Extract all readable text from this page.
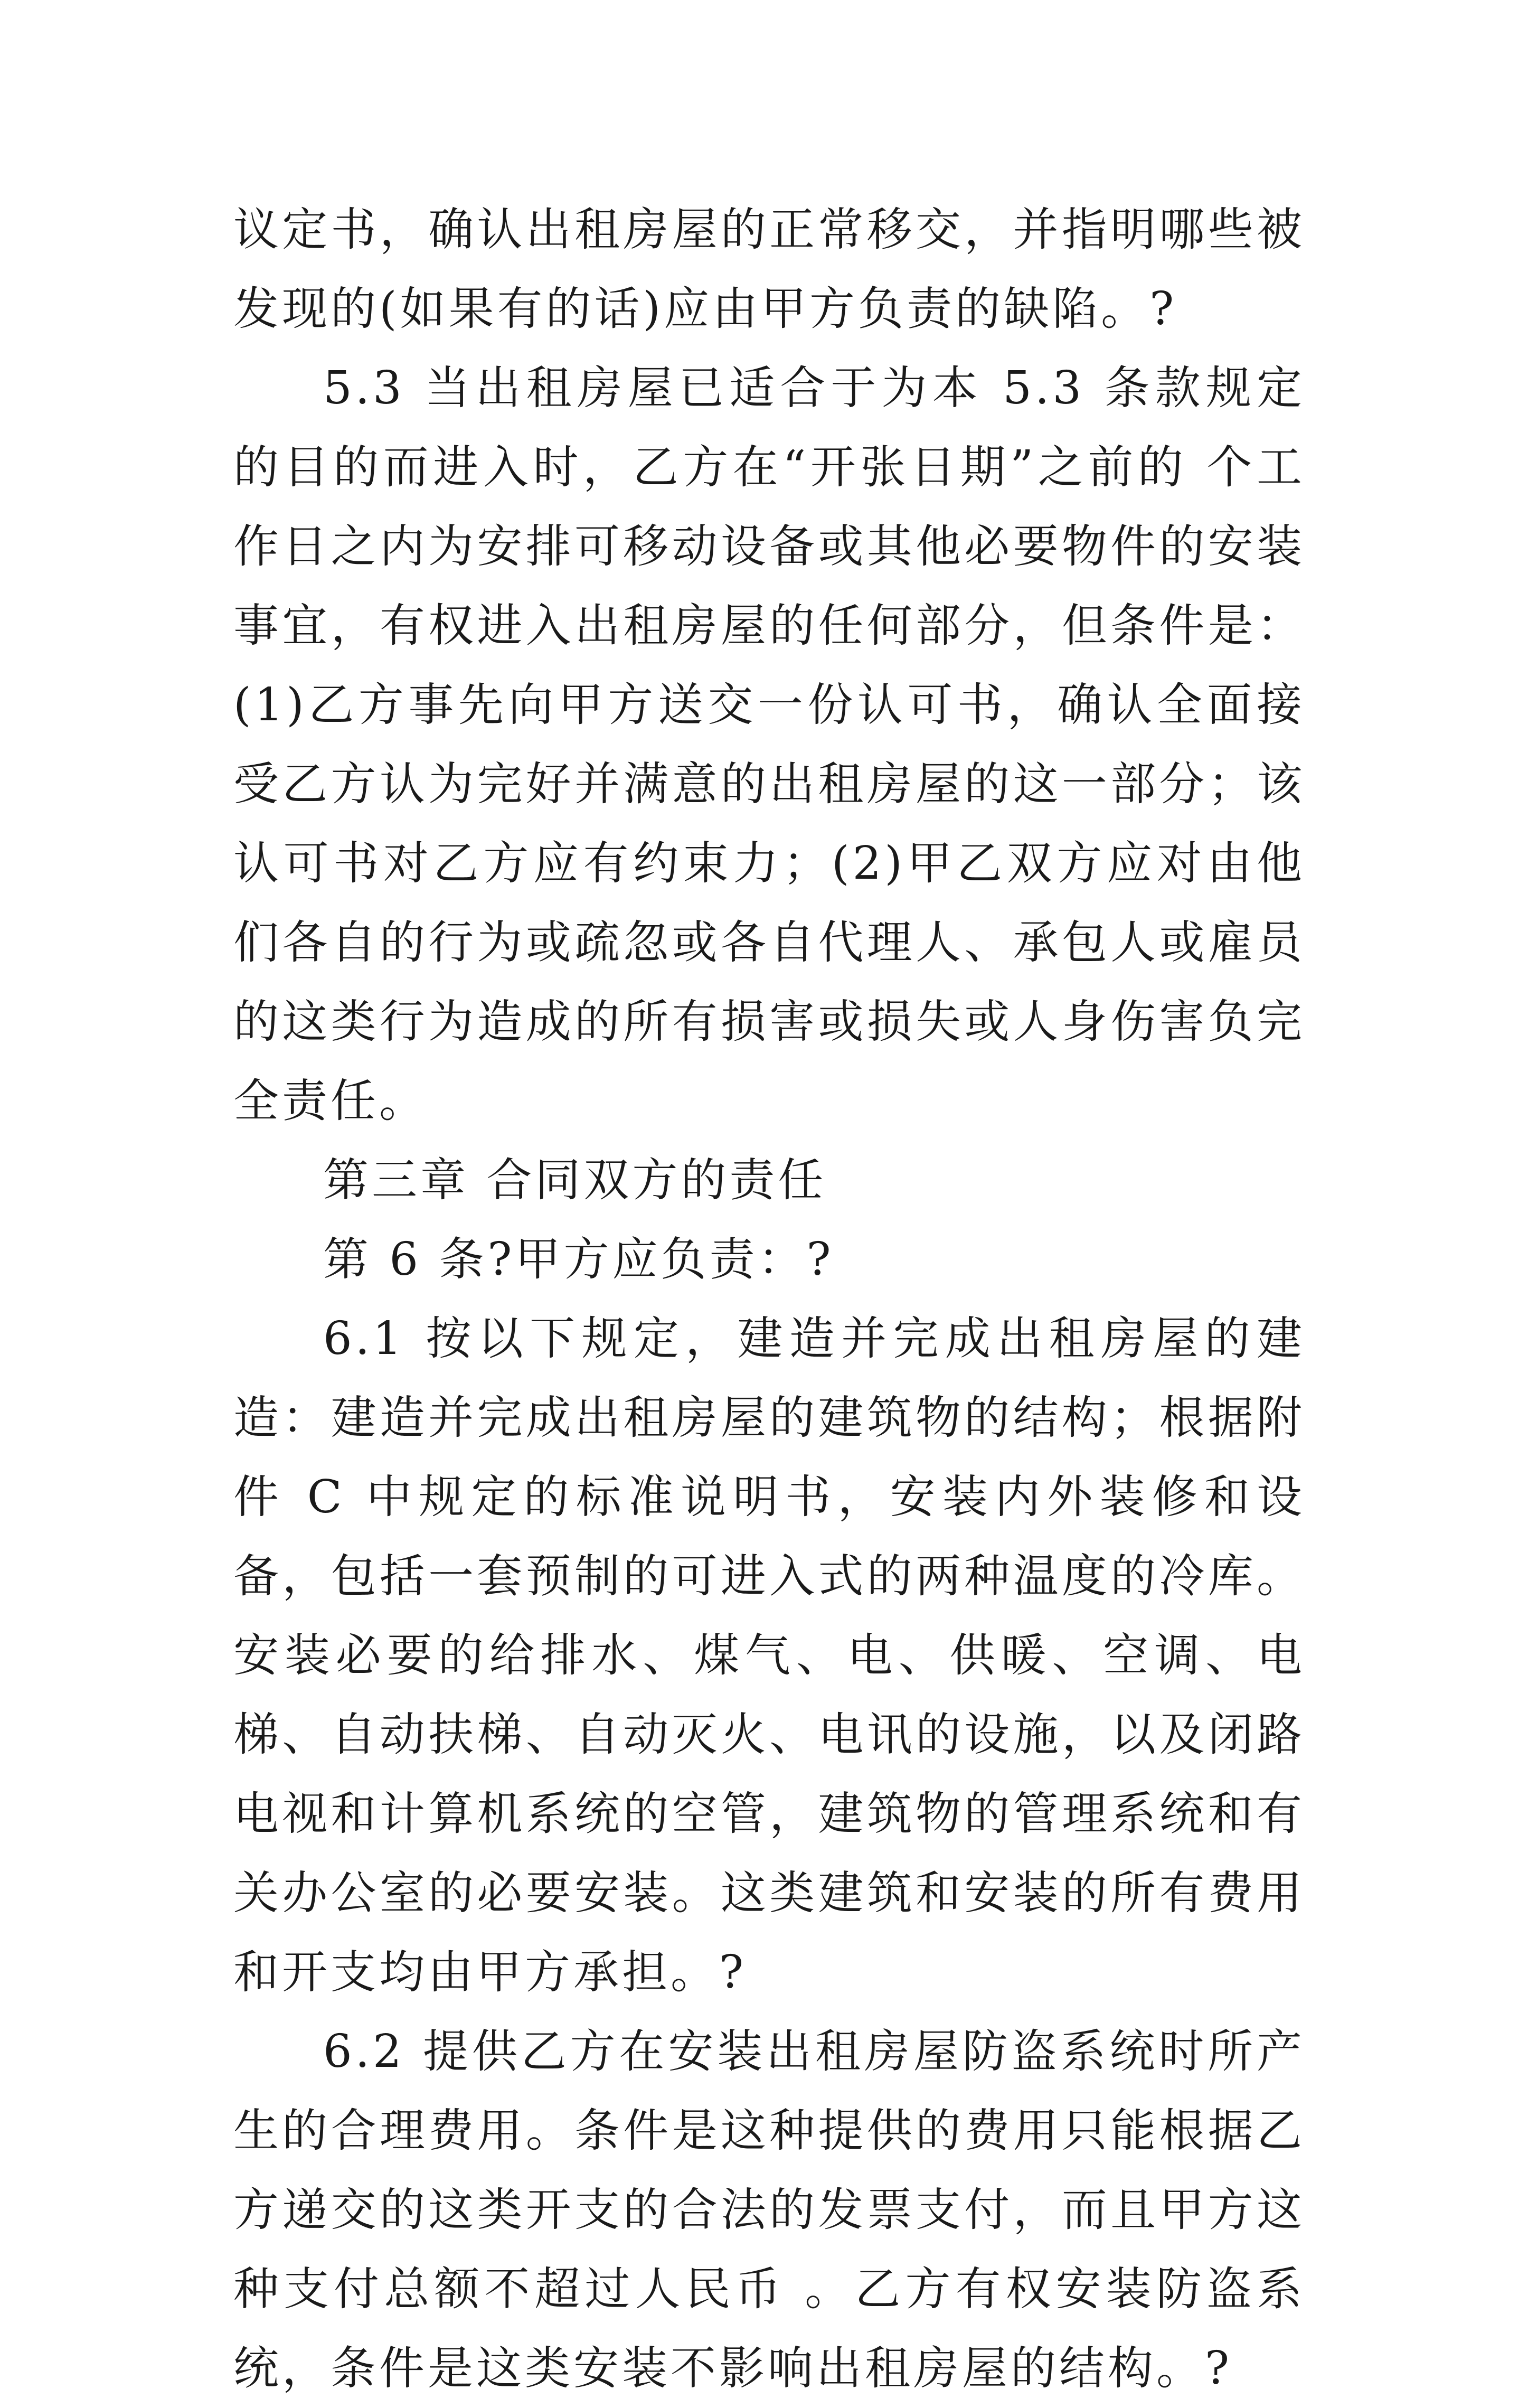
议定书，确认出租房屋的正常移交，并指明哪些被发现的(如果有的话)应由甲方负责的缺陷。?

5.3 当出租房屋已适合于为本 5.3 条款规定的目的而进入时，乙方在“开张日期”之前的 个工作日之内为安排可移动设备或其他必要物件的安装事宜，有权进入出租房屋的任何部分，但条件是：(1)乙方事先向甲方送交一份认可书，确认全面接受乙方认为完好并满意的出租房屋的这一部分；该认可书对乙方应有约束力；(2)甲乙双方应对由他们各自的行为或疏忽或各自代理人、承包人或雇员的这类行为造成的所有损害或损失或人身伤害负完全责任。

第三章 合同双方的责任

第 6 条?甲方应负责：?

6.1 按以下规定，建造并完成出租房屋的建造：建造并完成出租房屋的建筑物的结构；根据附件 C 中规定的标准说明书，安装内外装修和设备，包括一套预制的可进入式的两种温度的冷库。安装必要的给排水、煤气、电、供暖、空调、电梯、自动扶梯、自动灭火、电讯的设施，以及闭路电视和计算机系统的空管，建筑物的管理系统和有关办公室的必要安装。这类建筑和安装的所有费用和开支均由甲方承担。?

6.2 提供乙方在安装出租房屋防盗系统时所产生的合理费用。条件是这种提供的费用只能根据乙方递交的这类开支的合法的发票支付，而且甲方这种支付总额不超过人民币 。乙方有权安装防盗系统，条件是这类安装不影响出租房屋的结构。?
